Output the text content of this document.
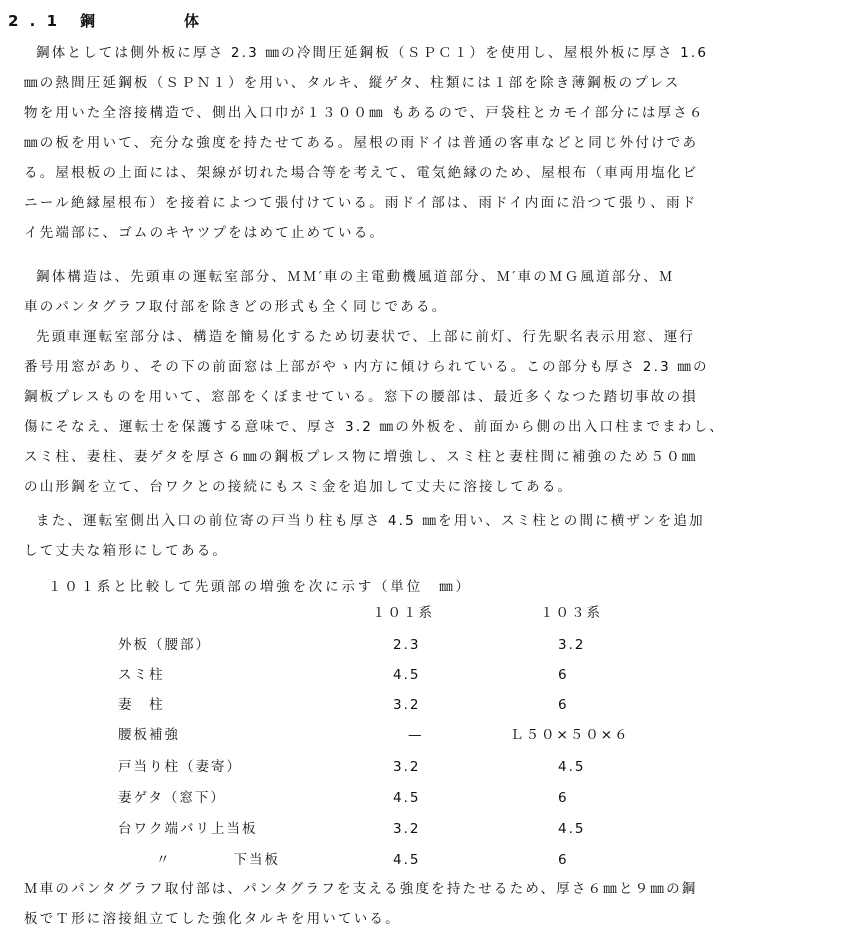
2 . 1 鋼	体
鋼体としては側外板に厚さ 2.3 ㎜の冷間圧延鋼板（ＳＰＣ１）を使用し、屋根外板に厚さ 1.6
㎜の熱間圧延鋼板（ＳＰＮ１）を用い、タルキ、縦ゲタ、柱類には１部を除き薄鋼板のプレス
物を用いた全溶接構造で、側出入口巾が１３００㎜ もあるので、戸袋柱とカモイ部分には厚さ６
㎜の板を用いて、充分な強度を持たせてある。屋根の雨ドイは普通の客車などと同じ外付けであ
る。屋根板の上面には、架線が切れた場合等を考えて、電気絶縁のため、屋根布（車両用塩化ビ
ニール絶縁屋根布）を接着によつて張付けている。雨ドイ部は、雨ドイ内面に沿つて張り、雨ド
イ先端部に、ゴムのキヤツプをはめて止めている。
鋼体構造は、先頭車の運転室部分、ＭＭ′車の主電動機風道部分、Ｍ′車のＭＧ風道部分、Ｍ
車のパンタグラフ取付部を除きどの形式も全く同じである。
先頭車運転室部分は、構造を簡易化するため切妻状で、上部に前灯、行先駅名表示用窓、運行
番号用窓があり、その下の前面窓は上部がやゝ内方に傾けられている。この部分も厚さ 2.3 ㎜の
鋼板プレスものを用いて、窓部をくぼませている。窓下の腰部は、最近多くなつた踏切事故の損
傷にそなえ、運転士を保護する意味で、厚さ 3.2 ㎜の外板を、前面から側の出入口柱までまわし、
スミ柱、妻柱、妻ゲタを厚さ６㎜の鋼板プレス物に増強し、スミ柱と妻柱間に補強のため５０㎜
の山形鋼を立て、台ワクとの接続にもスミ金を追加して丈夫に溶接してある。
また、運転室側出入口の前位寄の戸当り柱も厚さ 4.5 ㎜を用い、スミ柱との間に横ザンを追加
して丈夫な箱形にしてある。
１０１系と比較して先頭部の増強を次に示す（単位　㎜）
１０１系	１０３系
外板（腰部）	2.3	3.2
スミ柱	4.5	6
妻　柱	3.2	6
腰板補強	—	Ｌ５０×５０×６
戸当り柱（妻寄）	3.2	4.5
妻ゲタ（窓下）	4.5	6
台ワク端バリ上当板	3.2	4.5
〃　　　　下当板	4.5	6
Ｍ車のパンタグラフ取付部は、パンタグラフを支える強度を持たせるため、厚さ６㎜と９㎜の鋼
板でＴ形に溶接組立てした強化タルキを用いている。
